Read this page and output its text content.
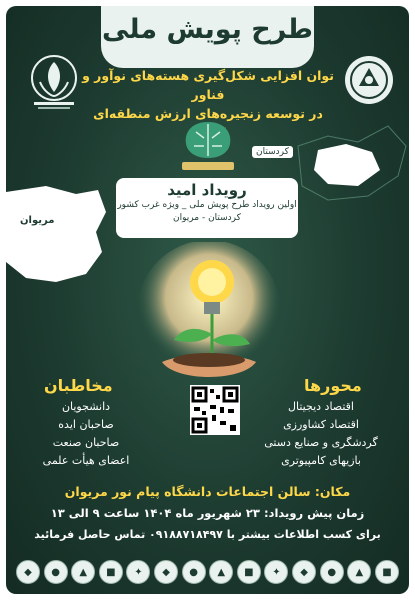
طرح پویش ملی
توان افزایی شکل‌گیری هسته‌های نوآور و فناور
در توسعه زنجیره‌های ارزش منطقه‌ای
مریوان
کردستان
رویداد امید
اولین رویداد طرح پویش ملی _ ویژه غرب کشور
کردستان - مریوان
مخاطبان
دانشجویان
صاحبان ایده
صاحبان صنعت
اعضای هیأت علمی
محورها
اقتصاد دیجیتال
اقتصاد کشاورزی
گردشگری و صنایع دستی
بازیهای کامپیوتری
مکان: سالن اجتماعات دانشگاه پیام نور مریوان
زمان پیش رویداد: ۲۳ شهریور ماه ۱۴۰۴ ساعت ۹ الی ۱۳
برای کسب اطلاعات بیشتر با ۰۹۱۸۸۷۱۸۴۹۷ تماس حاصل فرمائید
◆	●	▲	■	✦	◆	●	▲	■	✦	◆	●	▲	■
